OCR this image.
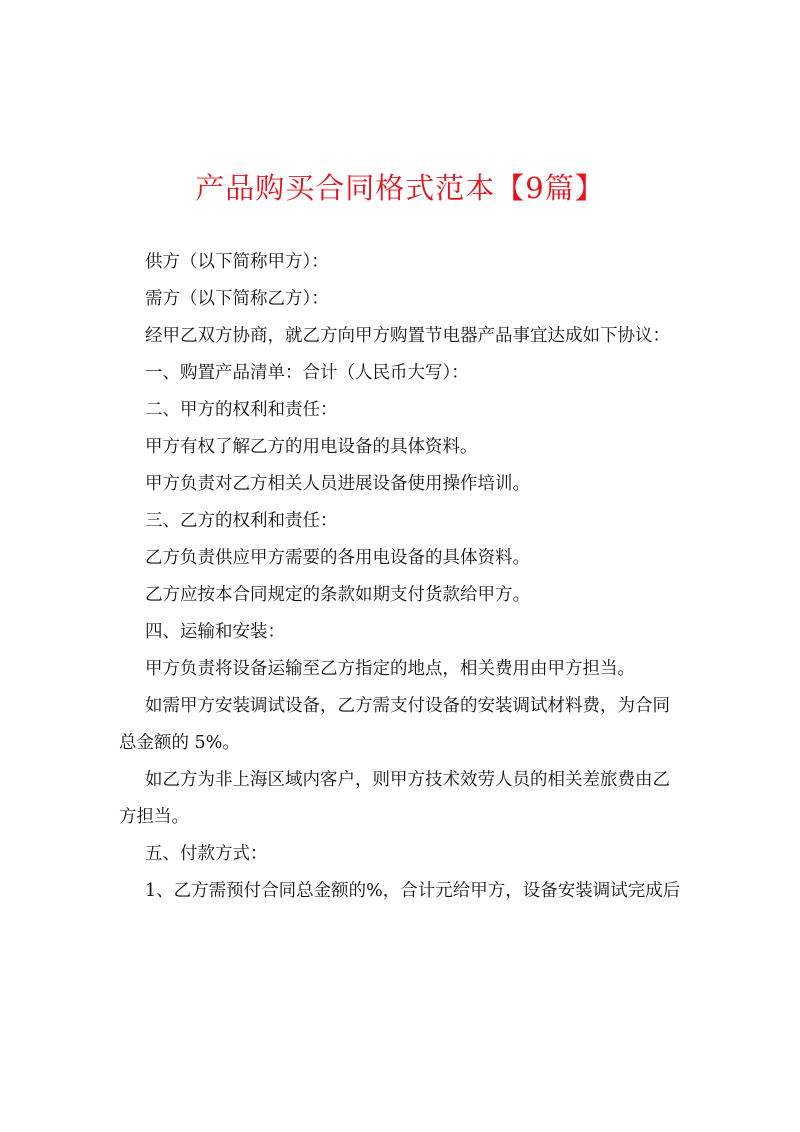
产品购买合同格式范本【9篇】

供方（以下简称甲方）：

需方（以下简称乙方）：

经甲乙双方协商，就乙方向甲方购置节电器产品事宜达成如下协议：

一、购置产品清单：合计（人民币大写）：

二、甲方的权利和责任：

甲方有权了解乙方的用电设备的具体资料。

甲方负责对乙方相关人员进展设备使用操作培训。

三、乙方的权利和责任：

乙方负责供应甲方需要的各用电设备的具体资料。

乙方应按本合同规定的条款如期支付货款给甲方。

四、运输和安装：

甲方负责将设备运输至乙方指定的地点，相关费用由甲方担当。

如需甲方安装调试设备，乙方需支付设备的安装调试材料费，为合同
总金额的 5%。

如乙方为非上海区域内客户，则甲方技术效劳人员的相关差旅费由乙
方担当。

五、付款方式：

1、乙方需预付合同总金额的%，合计元给甲方，设备安装调试完成后
